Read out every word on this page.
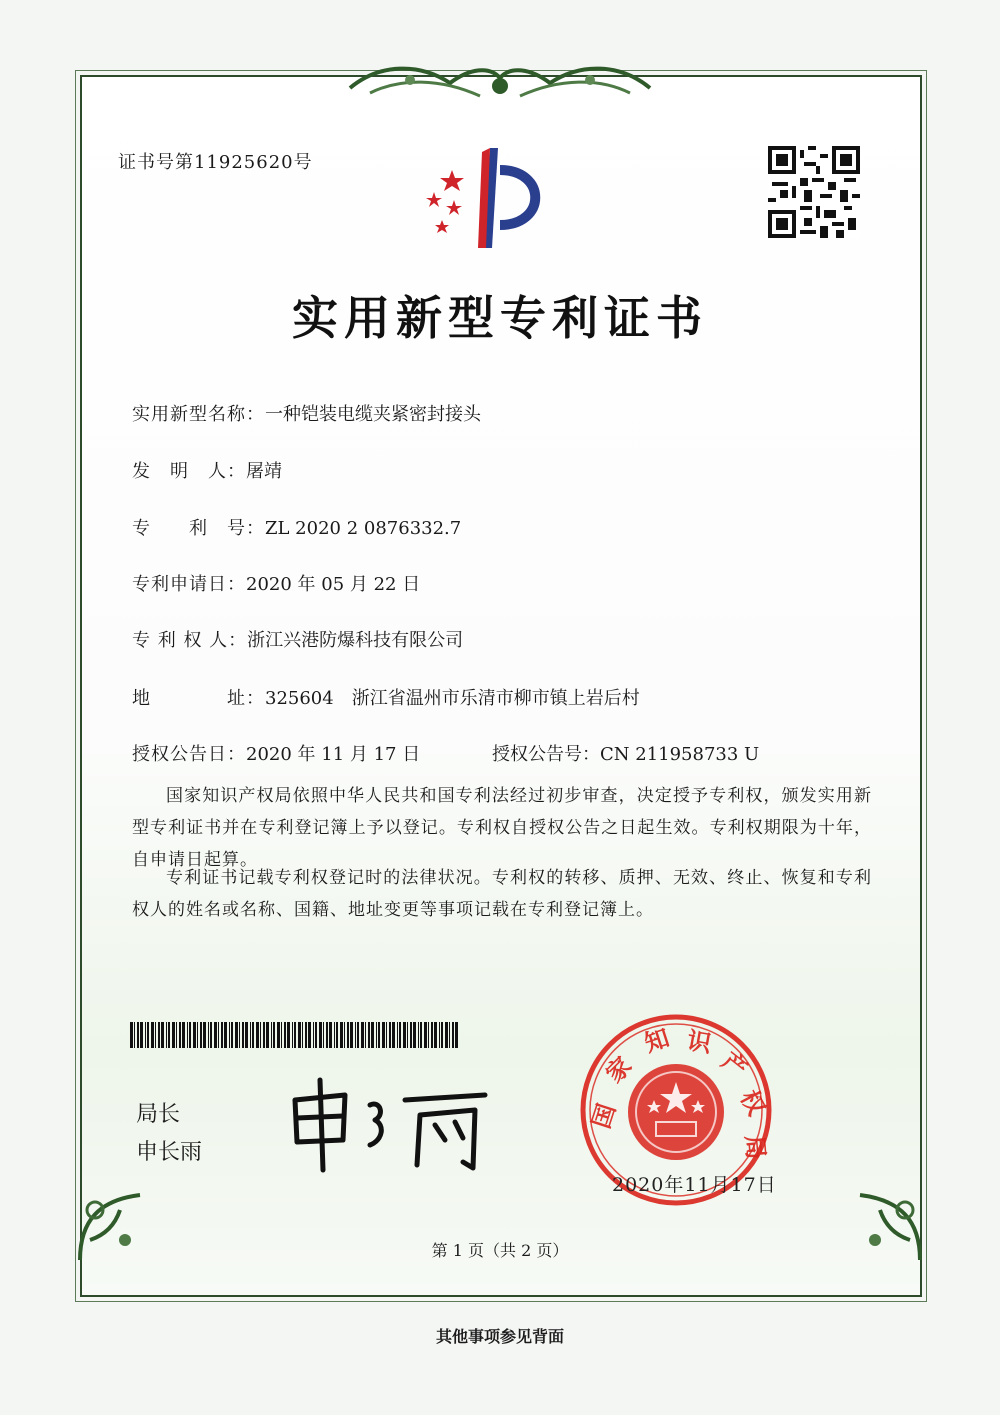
证书号第11925620号
实用新型专利证书
实用新型名称：一种铠装电缆夹紧密封接头
发　明　人：屠靖
专　　利　号：ZL 2020 2 0876332.7
专利申请日：2020 年 05 月 22 日
专 利 权 人：浙江兴港防爆科技有限公司
地　　　　址：325604　浙江省温州市乐清市柳市镇上岩后村
授权公告日：2020 年 11 月 17 日	授权公告号：CN 211958733 U
国家知识产权局依照中华人民共和国专利法经过初步审查，决定授予专利权，颁发实用新型专利证书并在专利登记簿上予以登记。专利权自授权公告之日起生效。专利权期限为十年，自申请日起算。
专利证书记载专利权登记时的法律状况。专利权的转移、质押、无效、终止、恢复和专利权人的姓名或名称、国籍、地址变更等事项记载在专利登记簿上。
局长
申长雨
国
家
知 识
产
权
局
2020年11月17日
第 1 页（共 2 页）
其他事项参见背面
